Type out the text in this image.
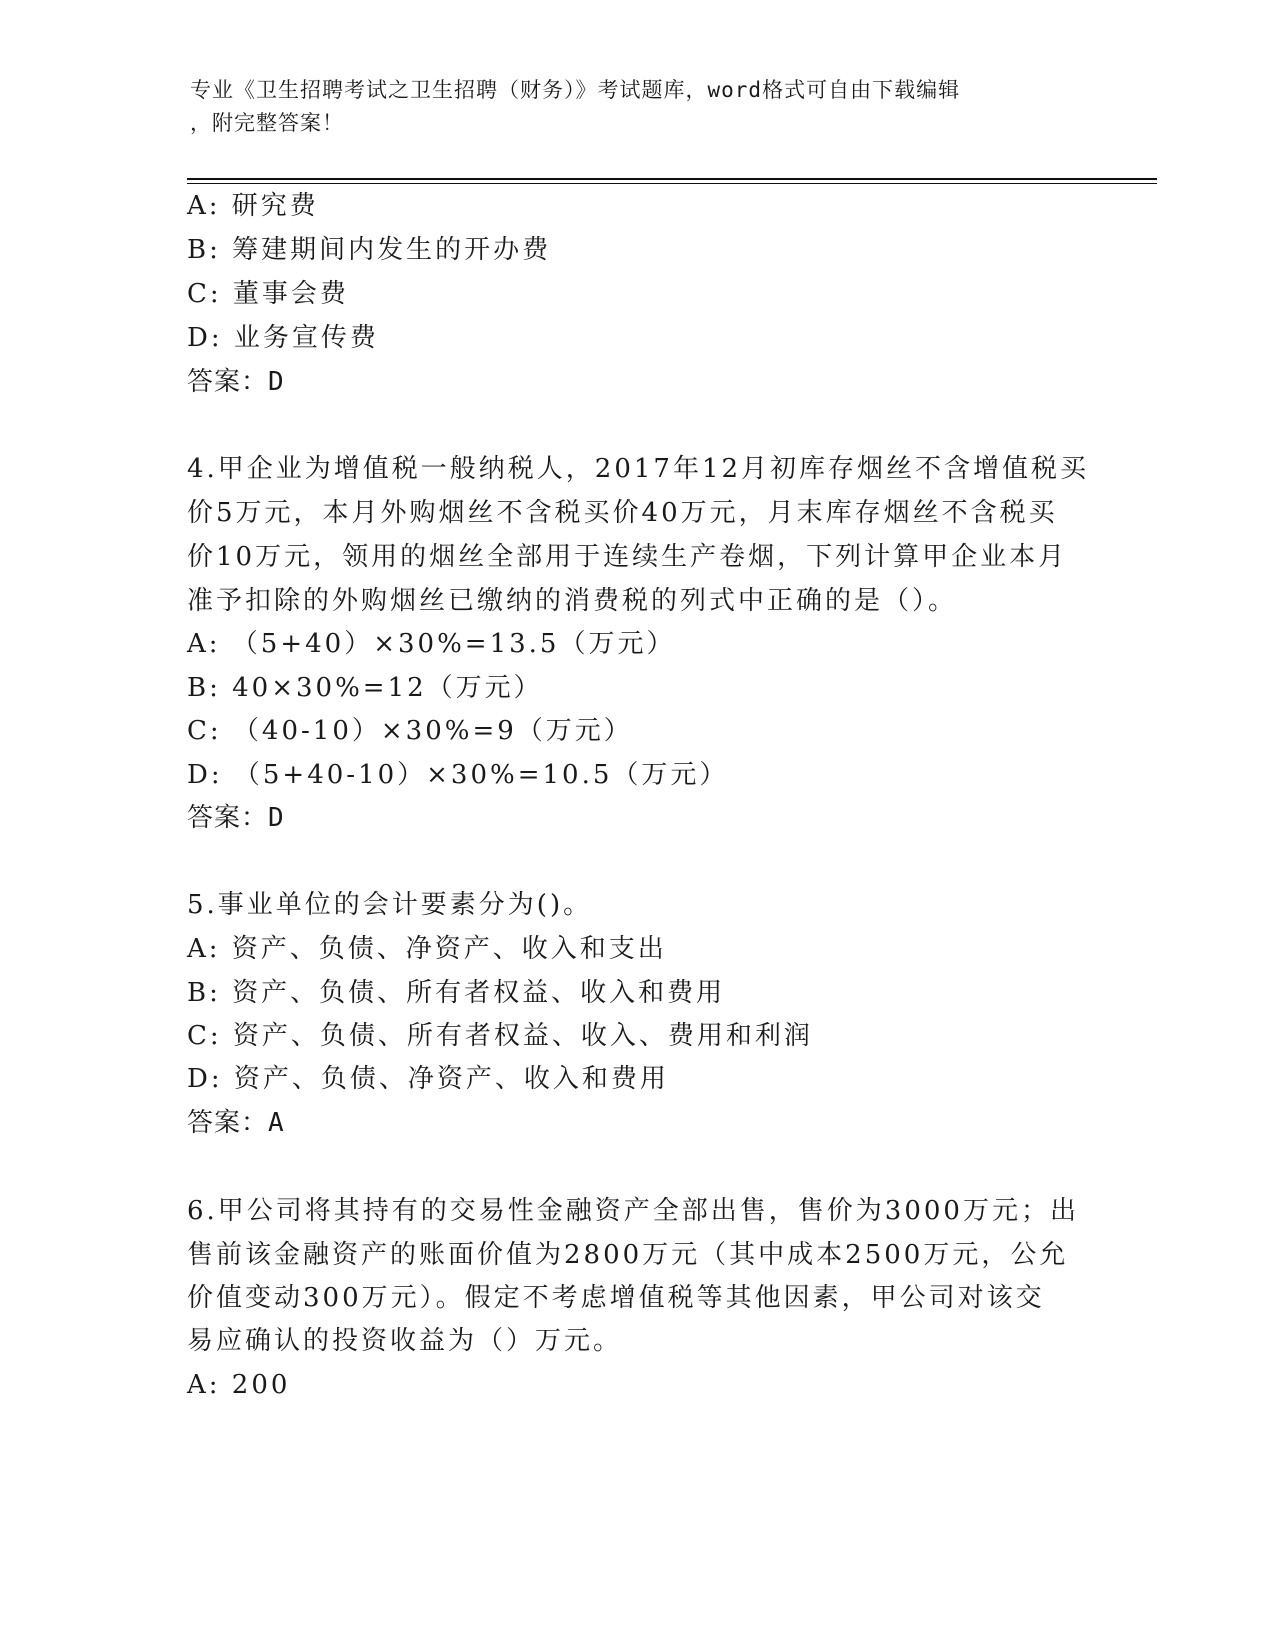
专业《卫生招聘考试之卫生招聘（财务）》考试题库，word格式可自由下载编辑
，附完整答案！
A: 研究费
B: 筹建期间内发生的开办费
C: 董事会费
D: 业务宣传费
答案：D
4.甲企业为增值税一般纳税人，2017年12月初库存烟丝不含增值税买
价5万元，本月外购烟丝不含税买价40万元，月末库存烟丝不含税买
价10万元，领用的烟丝全部用于连续生产卷烟，下列计算甲企业本月
准予扣除的外购烟丝已缴纳的消费税的列式中正确的是（）。
A: （5+40）×30%=13.5（万元）
B: 40×30%=12（万元）
C: （40-10）×30%=9（万元）
D: （5+40-10）×30%=10.5（万元）
答案：D
5.事业单位的会计要素分为()。
A: 资产、负债、净资产、收入和支出
B: 资产、负债、所有者权益、收入和费用
C: 资产、负债、所有者权益、收入、费用和利润
D: 资产、负债、净资产、收入和费用
答案：A
6.甲公司将其持有的交易性金融资产全部出售，售价为3000万元；出
售前该金融资产的账面价值为2800万元（其中成本2500万元，公允
价值变动300万元）。假定不考虑增值税等其他因素，甲公司对该交
易应确认的投资收益为（）万元。
A: 200
